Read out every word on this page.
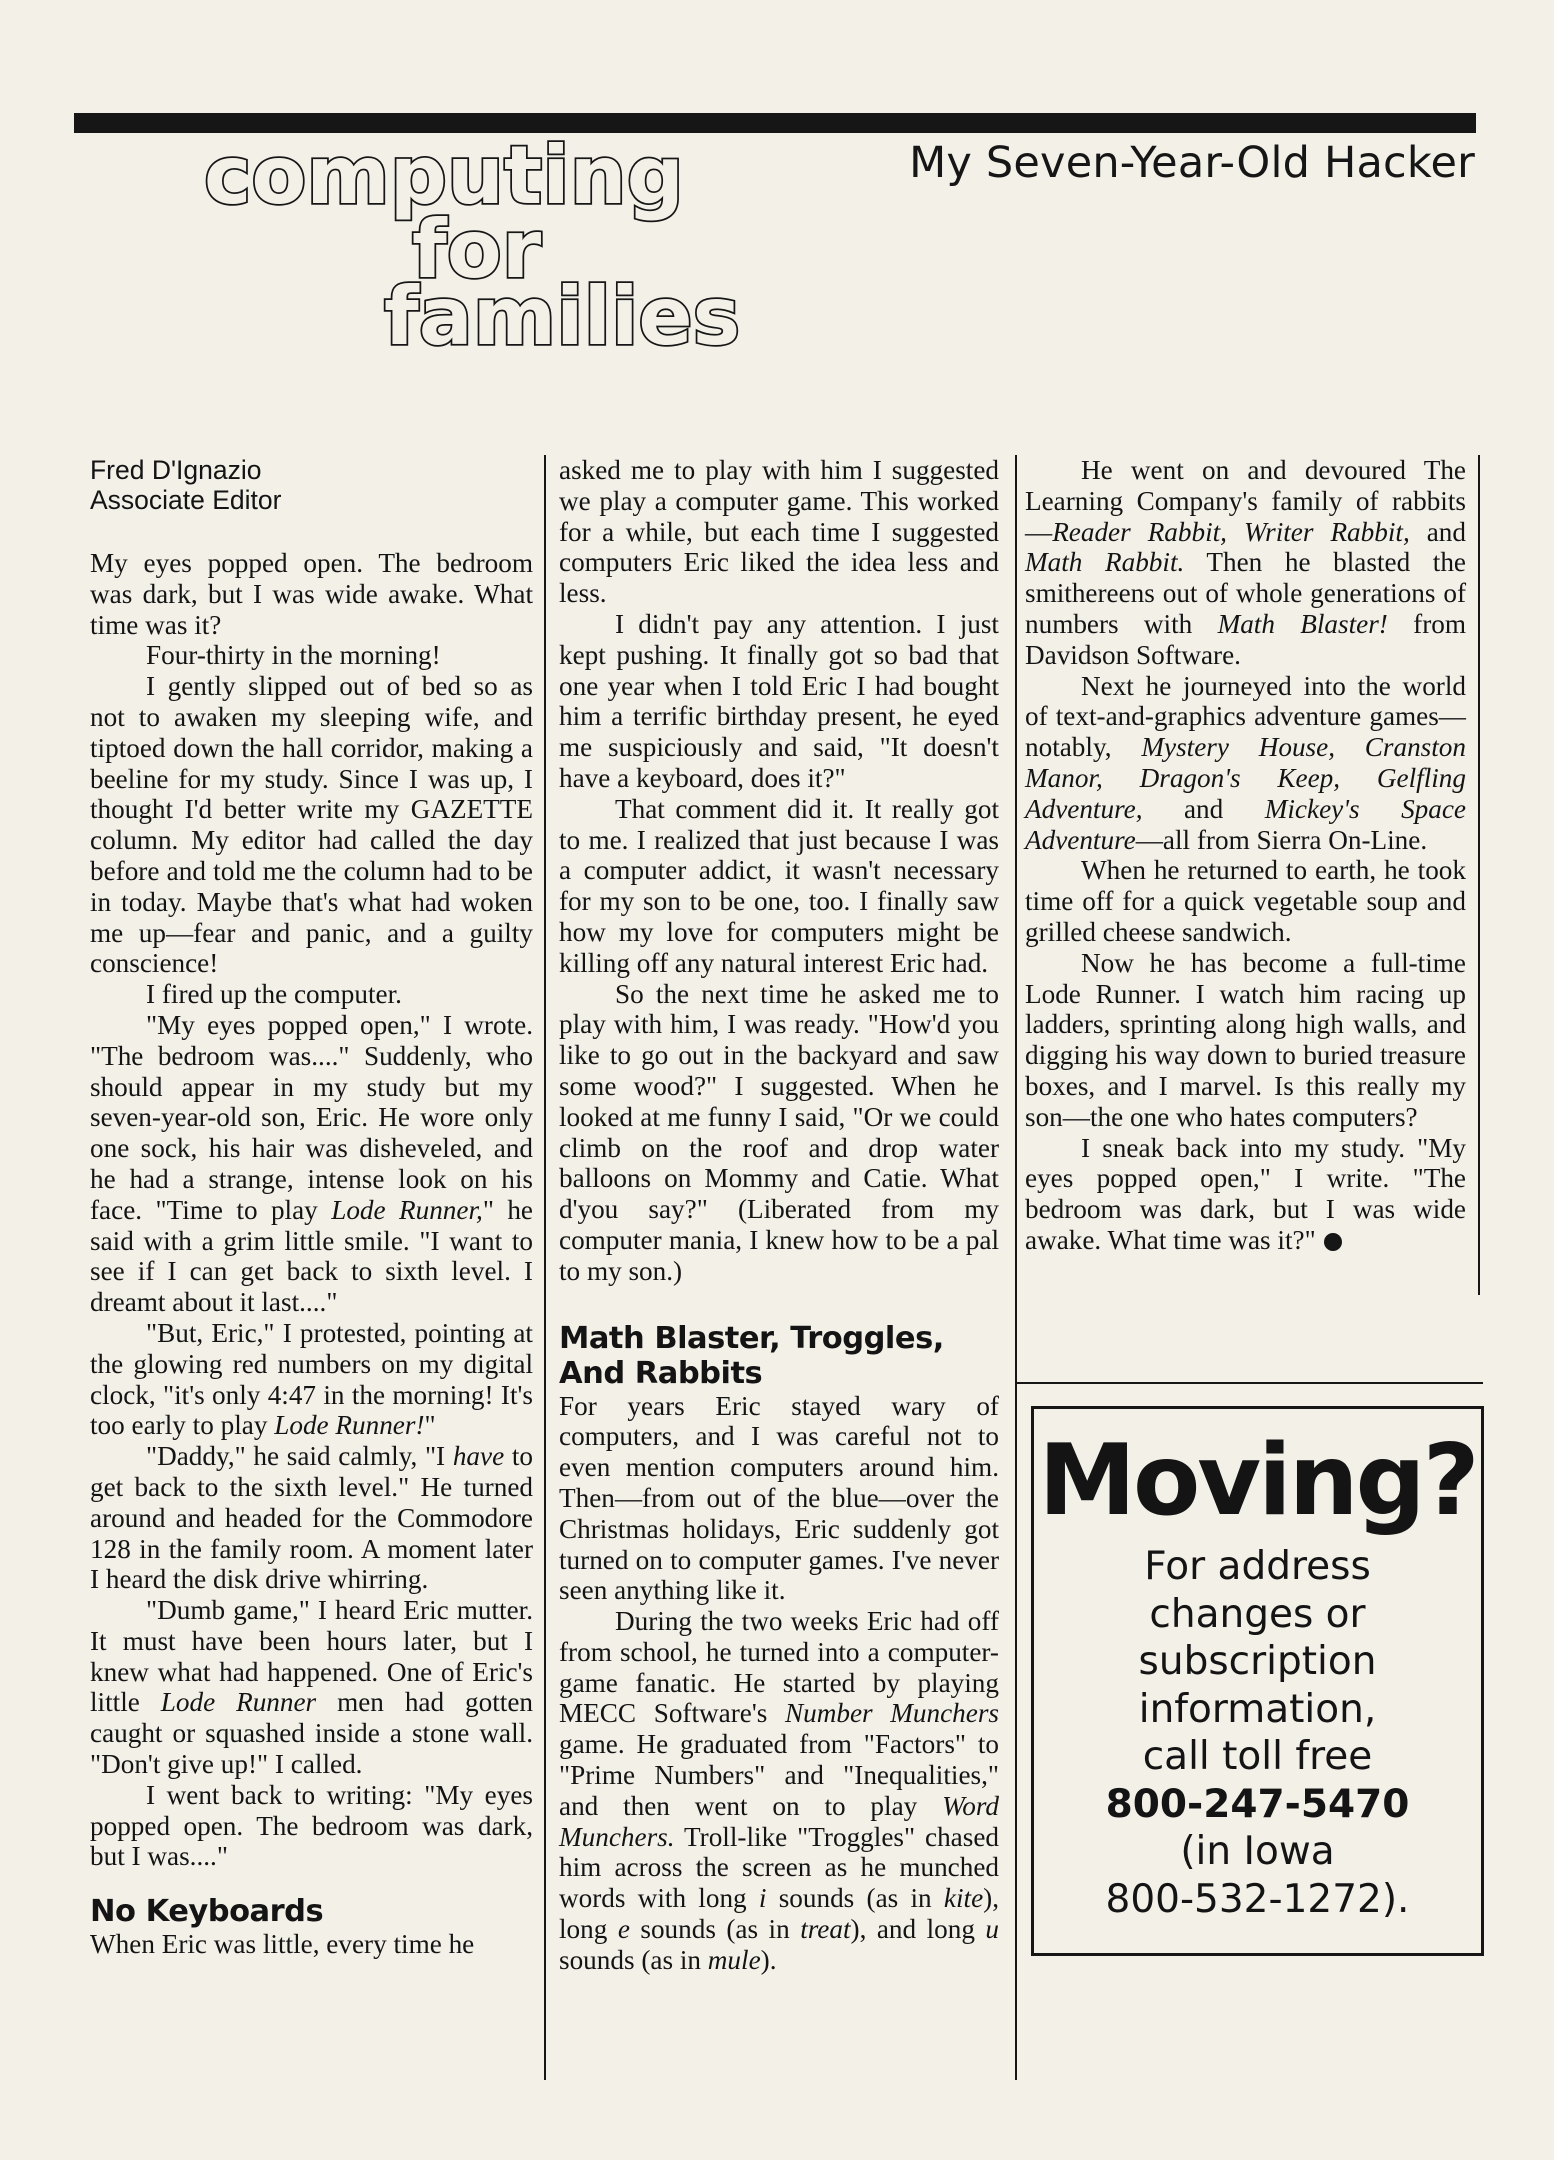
computing
for
families
My Seven-Year-Old Hacker
Fred D'Ignazio
Associate Editor

My eyes popped open. The bedroom was dark, but I was wide awake. What time was it?

Four-thirty in the morning!

I gently slipped out of bed so as not to awaken my sleeping wife, and tiptoed down the hall corridor, making a beeline for my study. Since I was up, I thought I'd better write my GAZETTE column. My editor had called the day before and told me the column had to be in today. Maybe that's what had woken me up—fear and panic, and a guilty conscience!

I fired up the computer.

"My eyes popped open," I wrote. "The bedroom was...." Suddenly, who should appear in my study but my seven-year-old son, Eric. He wore only one sock, his hair was disheveled, and he had a strange, intense look on his face. "Time to play Lode Runner," he said with a grim little smile. "I want to see if I can get back to sixth level. I dreamt about it last...."

"But, Eric," I protested, pointing at the glowing red numbers on my digital clock, "it's only 4:47 in the morning! It's too early to play Lode Runner!"

"Daddy," he said calmly, "I have to get back to the sixth level." He turned around and headed for the Commodore 128 in the family room. A moment later I heard the disk drive whirring.

"Dumb game," I heard Eric mutter. It must have been hours later, but I knew what had happened. One of Eric's little Lode Runner men had gotten caught or squashed inside a stone wall. "Don't give up!" I called.

I went back to writing: "My eyes popped open. The bedroom was dark, but I was...."

No Keyboards

When Eric was little, every time he

asked me to play with him I suggested we play a computer game. This worked for a while, but each time I suggested computers Eric liked the idea less and less.

I didn't pay any attention. I just kept pushing. It finally got so bad that one year when I told Eric I had bought him a terrific birthday present, he eyed me suspiciously and said, "It doesn't have a keyboard, does it?"

That comment did it. It really got to me. I realized that just because I was a computer addict, it wasn't necessary for my son to be one, too. I finally saw how my love for computers might be killing off any natural interest Eric had.

So the next time he asked me to play with him, I was ready. "How'd you like to go out in the backyard and saw some wood?" I suggested. When he looked at me funny I said, "Or we could climb on the roof and drop water balloons on Mommy and Catie. What d'you say?" (Liberated from my computer mania, I knew how to be a pal to my son.)

Math Blaster, Troggles,
And Rabbits

For years Eric stayed wary of computers, and I was careful not to even mention computers around him. Then—from out of the blue—over the Christmas holidays, Eric suddenly got turned on to computer games. I've never seen anything like it.

During the two weeks Eric had off from school, he turned into a computer-game fanatic. He started by playing MECC Software's Number Munchers game. He graduated from "Factors" to "Prime Numbers" and "Inequalities," and then went on to play Word Munchers. Troll-like "Troggles" chased him across the screen as he munched words with long i sounds (as in kite), long e sounds (as in treat), and long u sounds (as in mule).

He went on and devoured The Learning Company's family of rabbits—Reader Rabbit, Writer Rabbit, and Math Rabbit. Then he blasted the smithereens out of whole generations of numbers with Math Blaster! from Davidson Software.

Next he journeyed into the world of text-and-graphics adventure games—notably, Mystery House, Cranston Manor, Dragon's Keep, Gelfling Adventure, and Mickey's Space Adventure—all from Sierra On-Line.

When he returned to earth, he took time off for a quick vegetable soup and grilled cheese sandwich.

Now he has become a full-time Lode Runner. I watch him racing up ladders, sprinting along high walls, and digging his way down to buried treasure boxes, and I marvel. Is this really my son—the one who hates computers?

I sneak back into my study. "My eyes popped open," I write. "The bedroom was dark, but I was wide awake. What time was it?"

Moving?
For address
changes or
subscription
information,
call toll free
800-247-5470
(in Iowa
800-532-1272).
